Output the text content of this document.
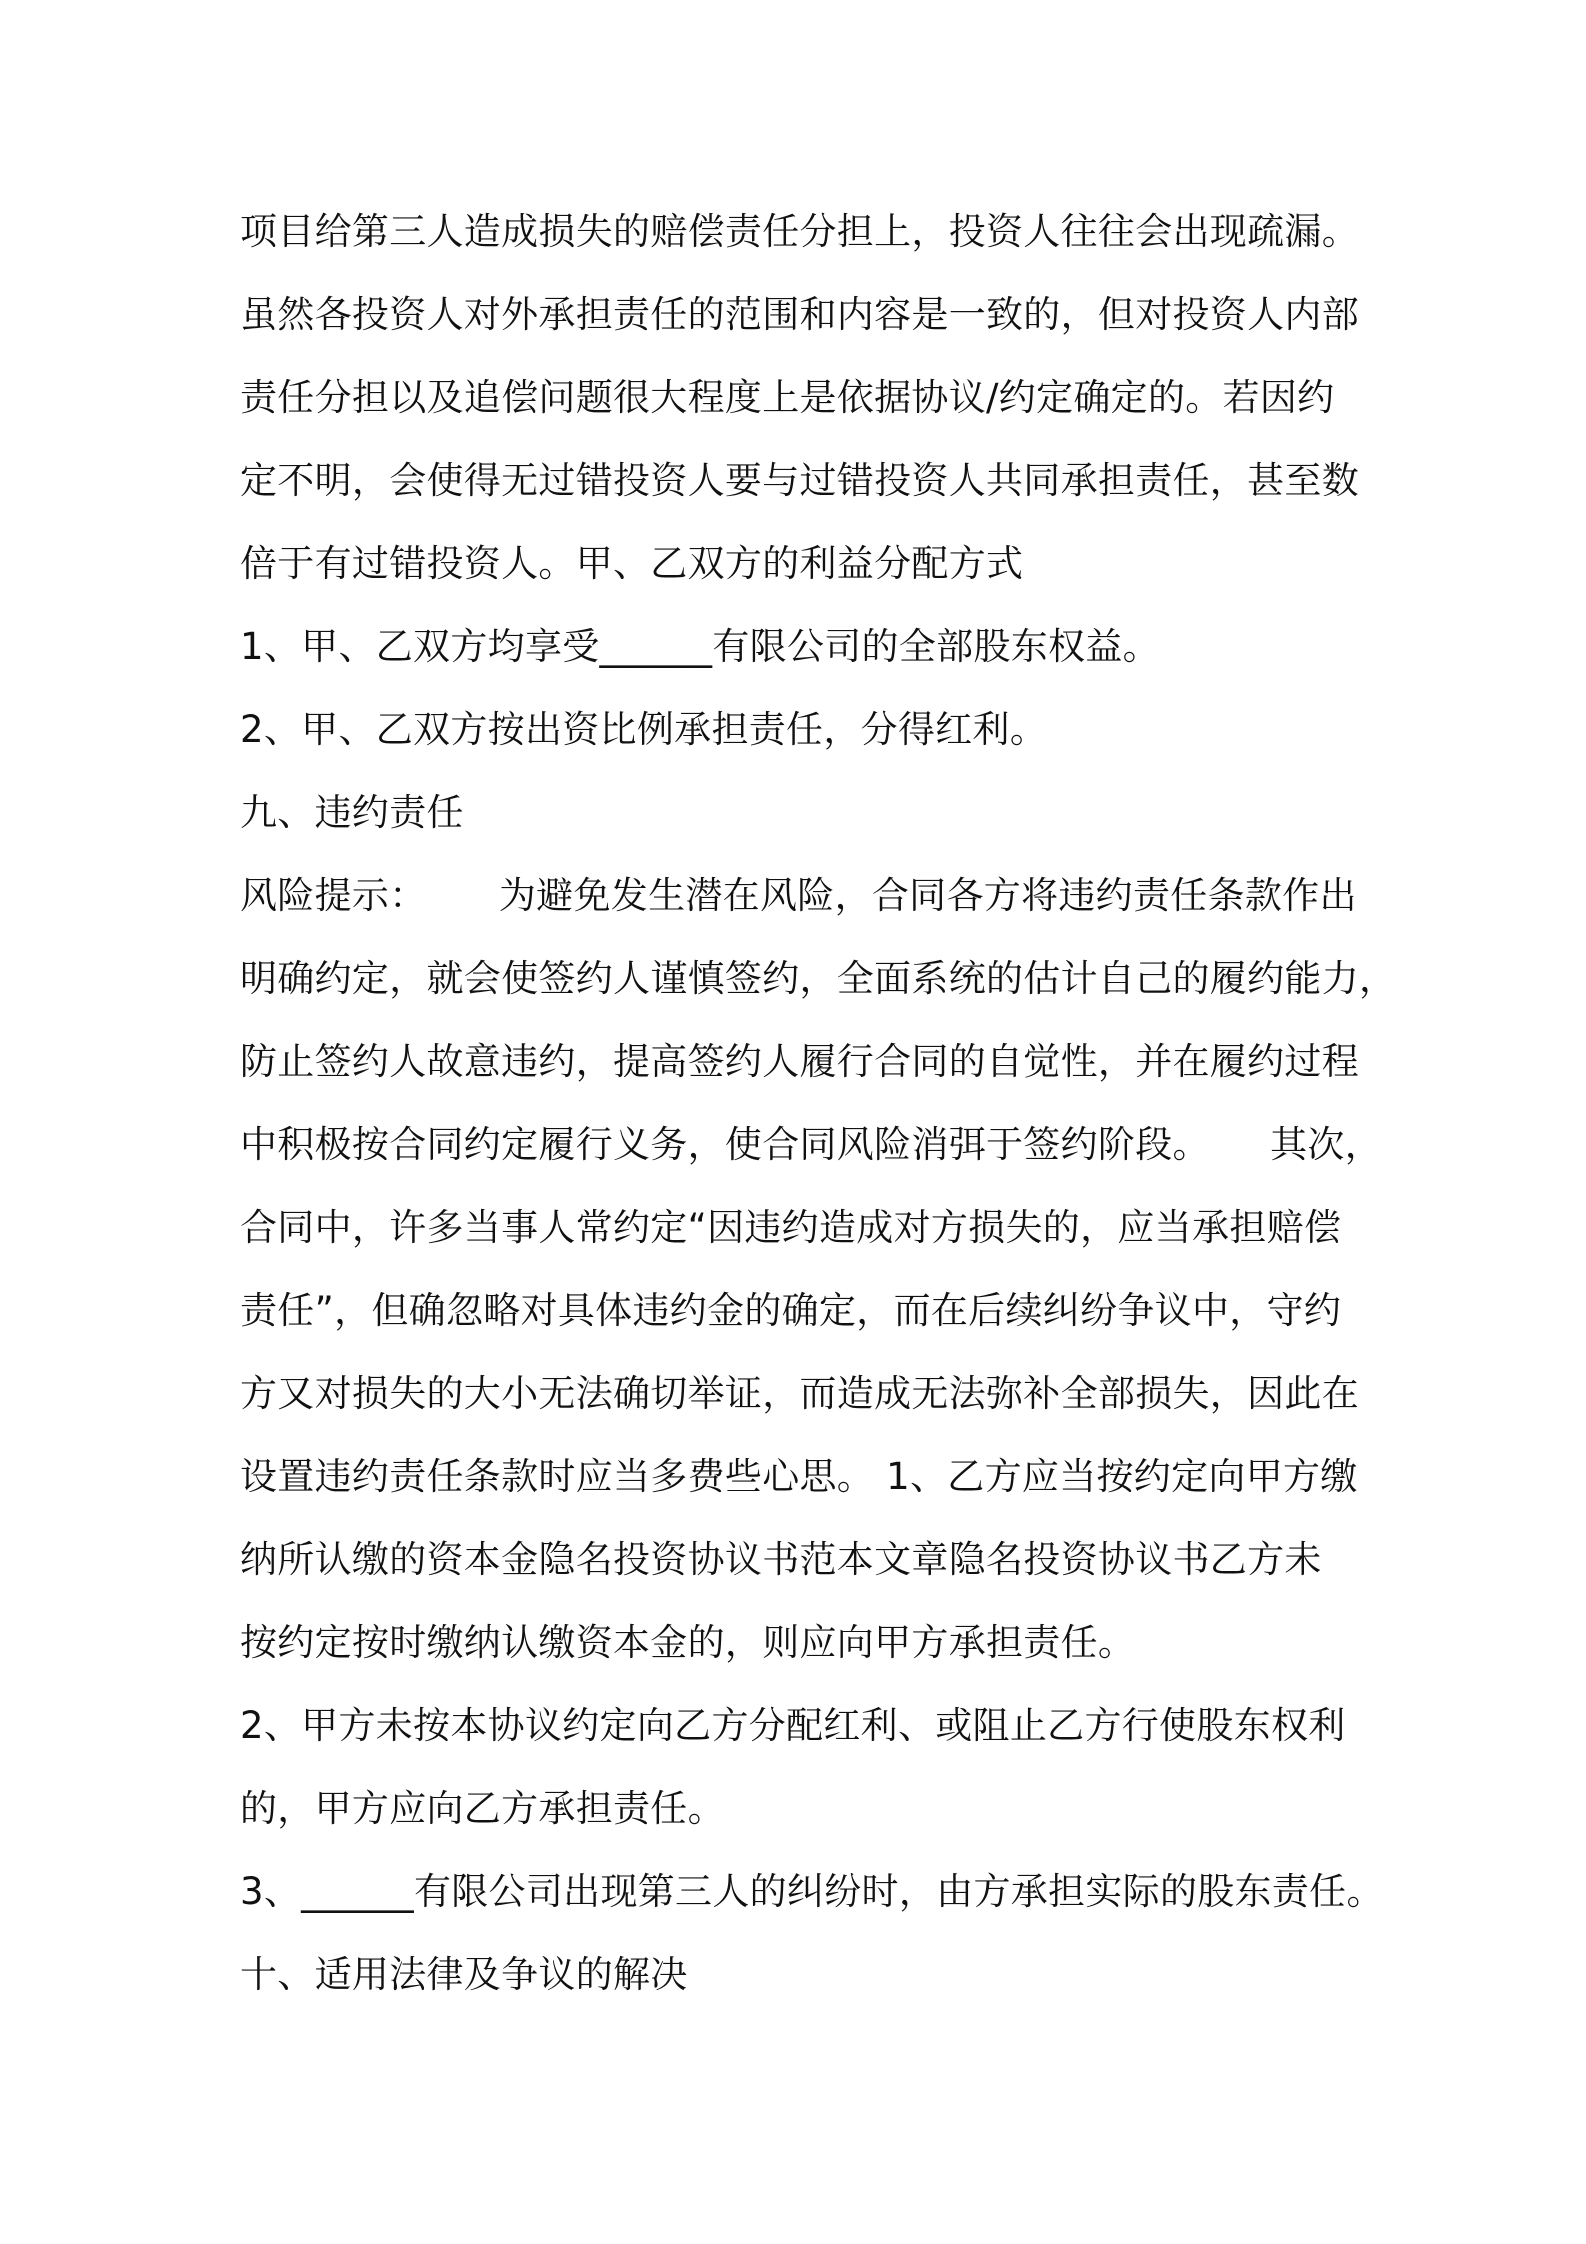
项目给第三人造成损失的赔偿责任分担上，投资人往往会出现疏漏。
虽然各投资人对外承担责任的范围和内容是一致的，但对投资人内部
责任分担以及追偿问题很大程度上是依据协议/约定确定的。若因约
定不明，会使得无过错投资人要与过错投资人共同承担责任，甚至数
倍于有过错投资人。甲、乙双方的利益分配方式
1、甲、乙双方均享受______有限公司的全部股东权益。
2、甲、乙双方按出资比例承担责任，分得红利。
九、违约责任
风险提示：      为避免发生潜在风险，合同各方将违约责任条款作出
明确约定，就会使签约人谨慎签约，全面系统的估计自己的履约能力，
防止签约人故意违约，提高签约人履行合同的自觉性，并在履约过程
中积极按合同约定履行义务，使合同风险消弭于签约阶段。     其次，
合同中，许多当事人常约定“因违约造成对方损失的，应当承担赔偿
责任”，但确忽略对具体违约金的确定，而在后续纠纷争议中，守约
方又对损失的大小无法确切举证，而造成无法弥补全部损失，因此在
设置违约责任条款时应当多费些心思。 1、乙方应当按约定向甲方缴
纳所认缴的资本金隐名投资协议书范本文章隐名投资协议书乙方未
按约定按时缴纳认缴资本金的，则应向甲方承担责任。
2、甲方未按本协议约定向乙方分配红利、或阻止乙方行使股东权利
的，甲方应向乙方承担责任。
3、______有限公司出现第三人的纠纷时，由方承担实际的股东责任。
十、适用法律及争议的解决
